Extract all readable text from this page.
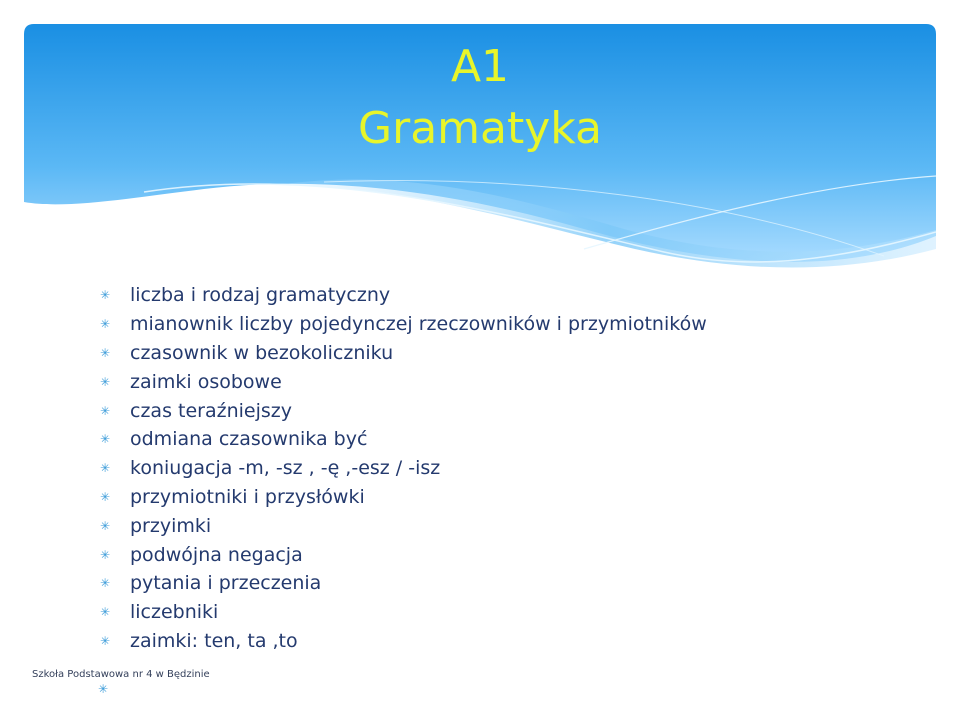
A1
Gramatyka
✳	liczba i rodzaj gramatyczny
✳	mianownik liczby pojedynczej rzeczowników i przymiotników
✳	czasownik w bezokoliczniku
✳	zaimki osobowe
✳	czas teraźniejszy
✳	odmiana czasownika być
✳	koniugacja -m, -sz , -ę ,-esz / -isz
✳	przymiotniki i przysłówki
✳	przyimki
✳	podwójna negacja
✳	pytania i przeczenia
✳	liczebniki
✳	zaimki: ten, ta ,to
Szkoła Podstawowa nr 4 w Będzinie
✳
